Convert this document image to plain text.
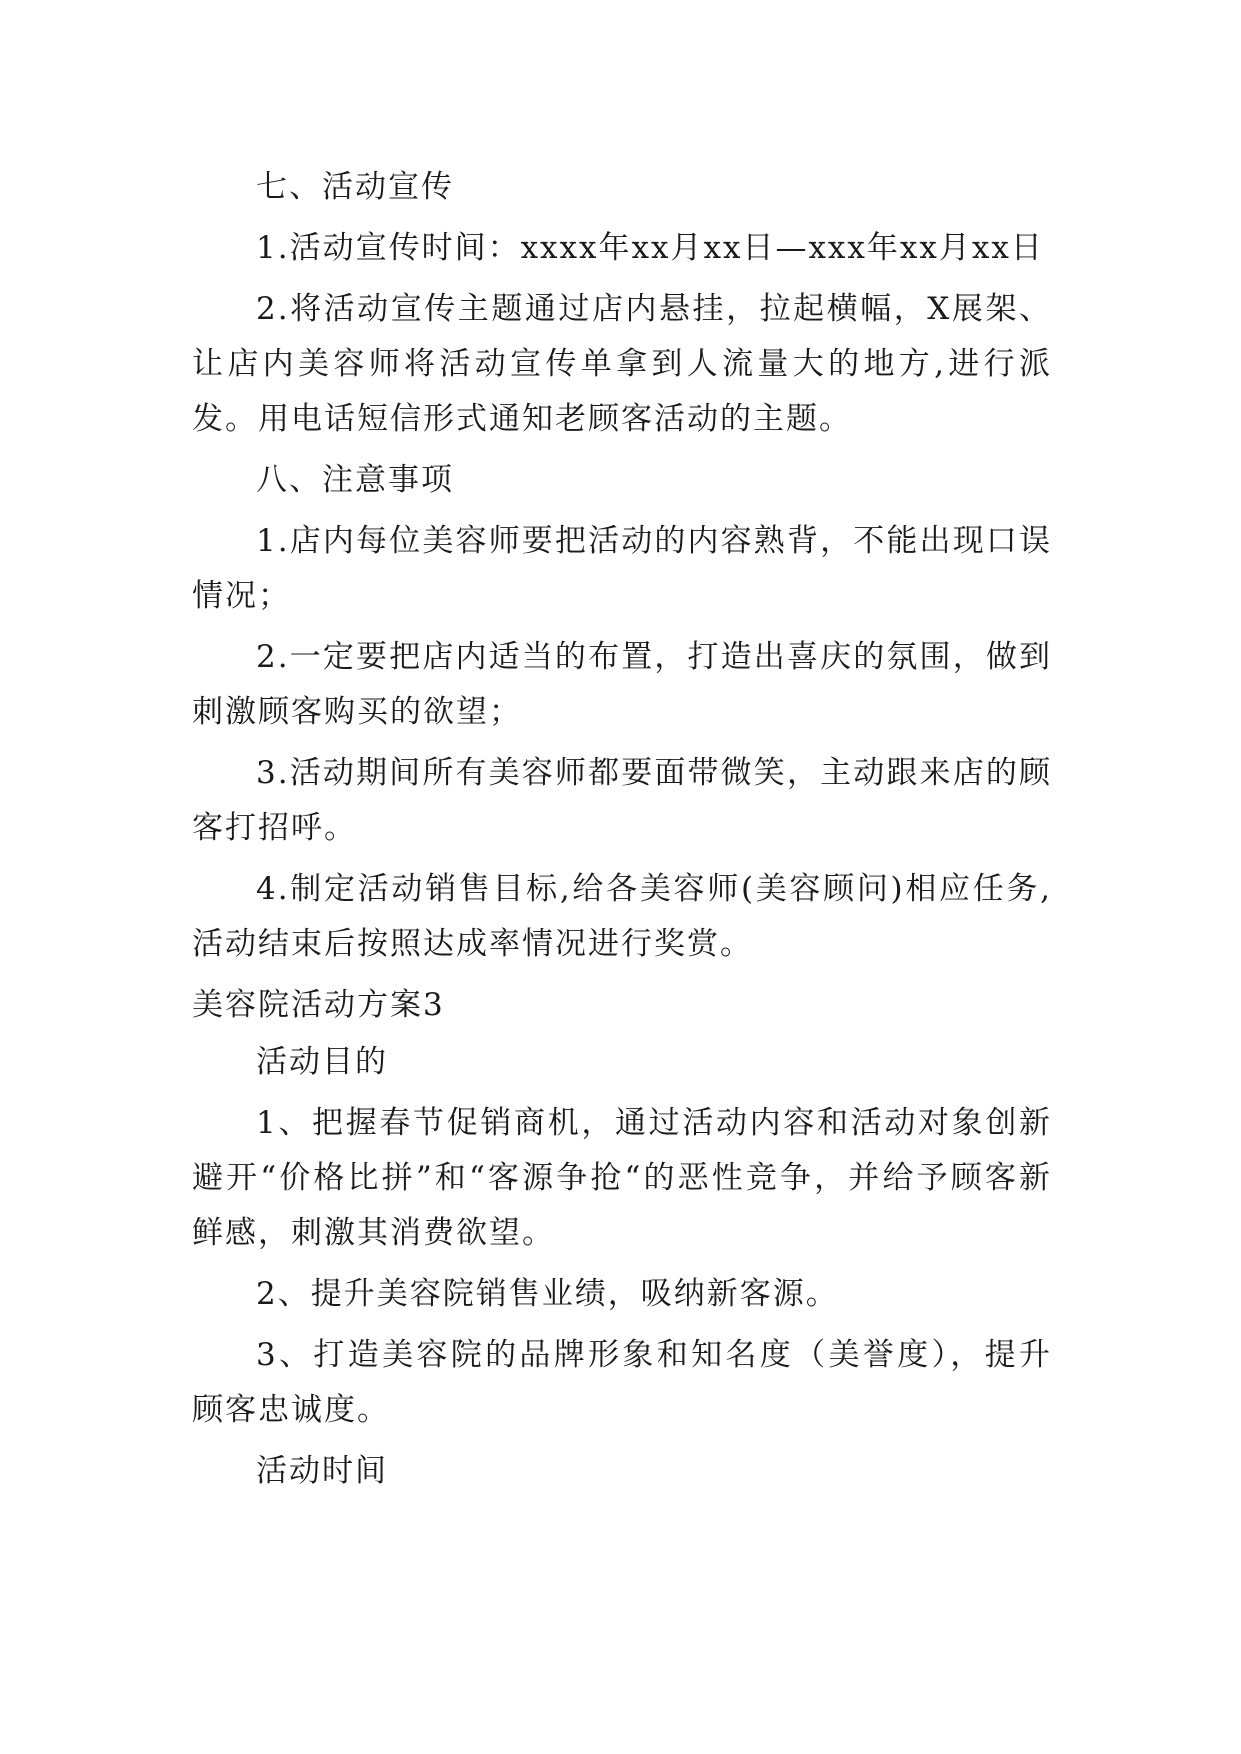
七、活动宣传

1.活动宣传时间：xxxx年xx月xx日—xxx年xx月xx日

2.将活动宣传主题通过店内悬挂，拉起横幅，X展架、让店内美容师将活动宣传单拿到人流量大的地方,进行派发。用电话短信形式通知老顾客活动的主题。

八、注意事项

1.店内每位美容师要把活动的内容熟背，不能出现口误情况；

2.一定要把店内适当的布置，打造出喜庆的氛围，做到刺激顾客购买的欲望；

3.活动期间所有美容师都要面带微笑，主动跟来店的顾客打招呼。

4.制定活动销售目标,给各美容师(美容顾问)相应任务,活动结束后按照达成率情况进行奖赏。

美容院活动方案3

活动目的

1、把握春节促销商机，通过活动内容和活动对象创新避开“价格比拼”和“客源争抢“的恶性竞争，并给予顾客新鲜感，刺激其消费欲望。

2、提升美容院销售业绩，吸纳新客源。

3、打造美容院的品牌形象和知名度（美誉度），提升顾客忠诚度。

活动时间
